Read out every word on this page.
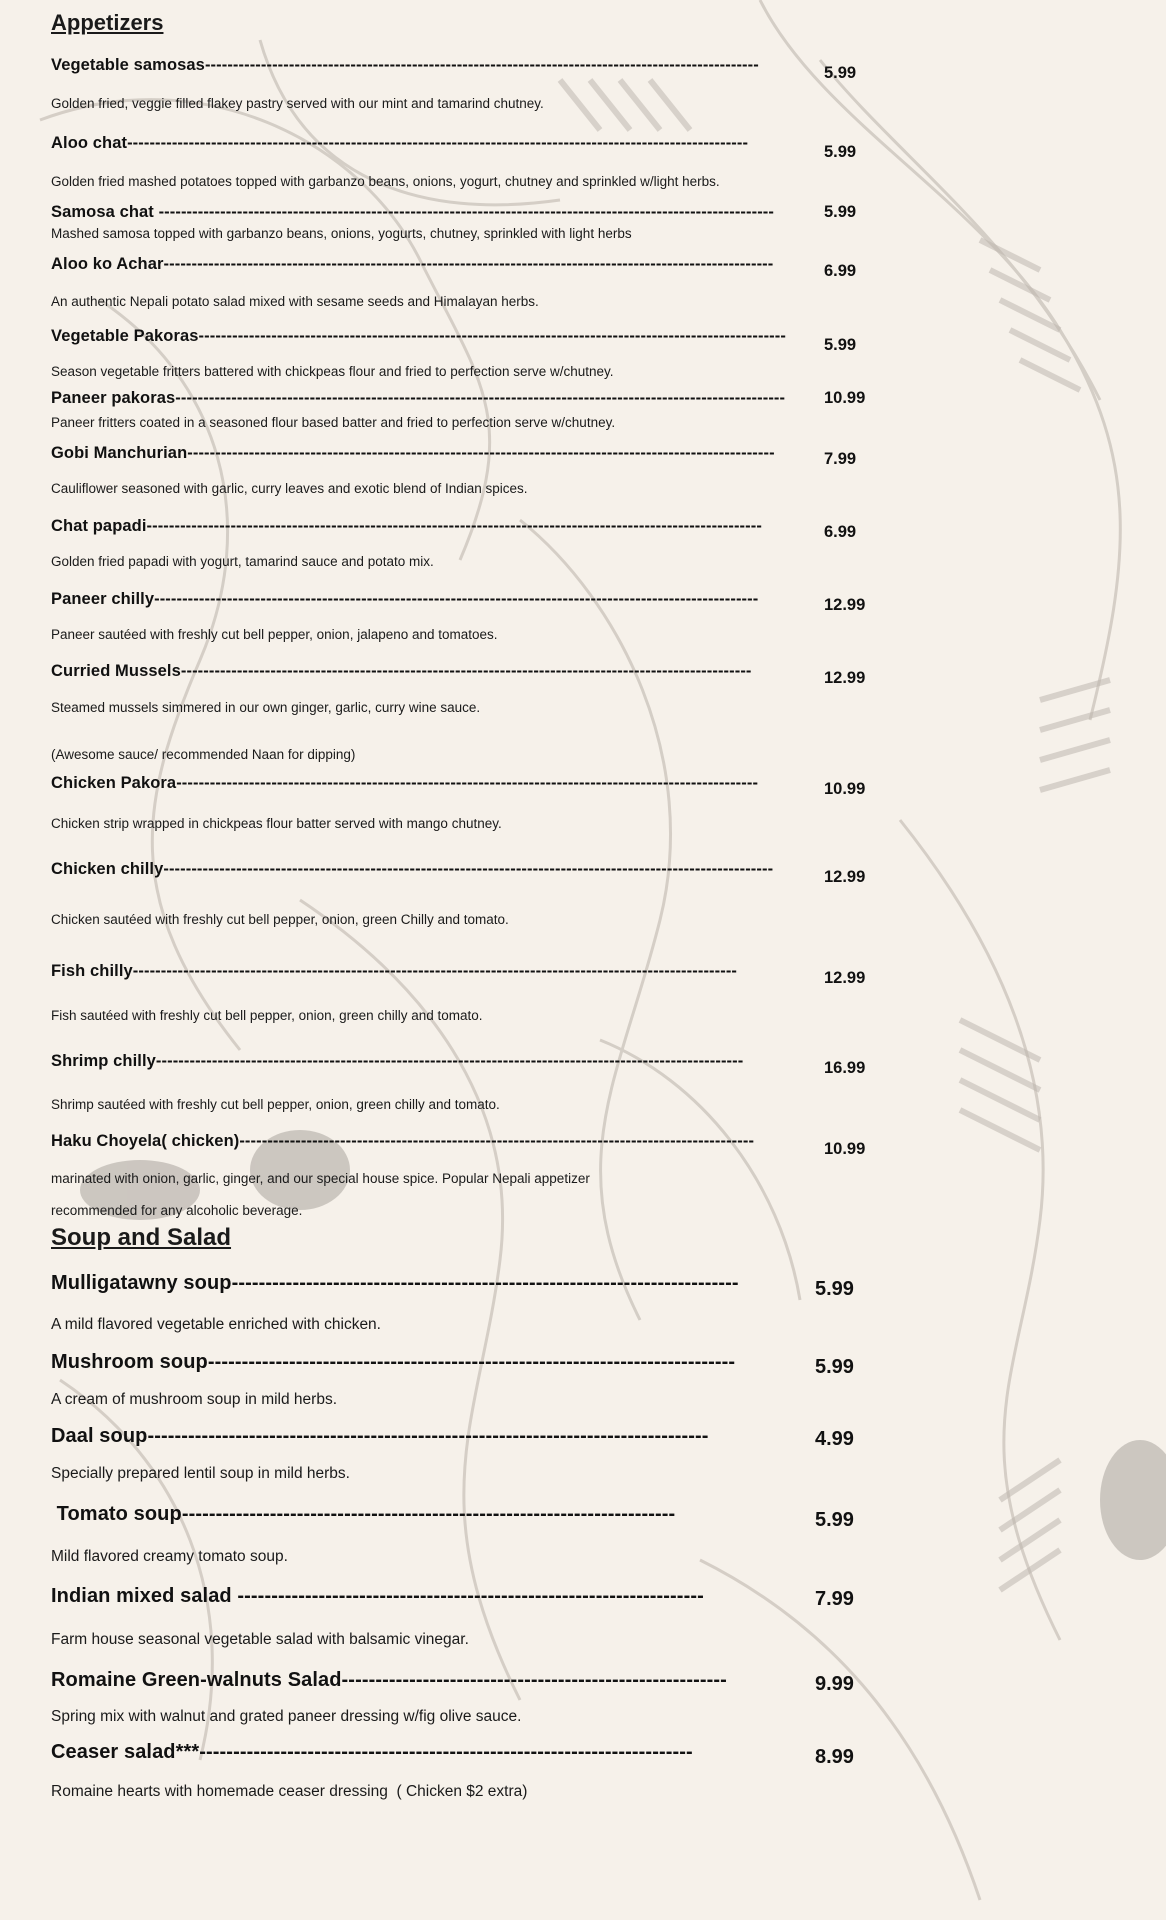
Appetizers
Vegetable samosas---------------------------------------------------------------------------------------------------	5.99
Golden fried, veggie filled flakey pastry served with our mint and tamarind chutney.
Aloo chat---------------------------------------------------------------------------------------------------------------	5.99
Golden fried mashed potatoes topped with garbanzo beans, onions, yogurt, chutney and sprinkled w/light herbs.
Samosa chat --------------------------------------------------------------------------------------------------------------	5.99
Mashed samosa topped with garbanzo beans, onions, yogurts, chutney, sprinkled with light herbs
Aloo ko Achar-------------------------------------------------------------------------------------------------------------	6.99
An authentic Nepali potato salad mixed with sesame seeds and Himalayan herbs.
Vegetable Pakoras--------------------------------------------------------------------------------------------------------- 5.99
Season vegetable fritters battered with chickpeas flour and fried to perfection serve w/chutney.
Paneer pakoras------------------------------------------------------------------------------------------------------------- 10.99
Paneer fritters coated in a seasoned flour based batter and fried to perfection serve w/chutney.
Gobi Manchurian---------------------------------------------------------------------------------------------------------	7.99
Cauliflower seasoned with garlic, curry leaves and exotic blend of Indian spices.
Chat papadi--------------------------------------------------------------------------------------------------------------	6.99
Golden fried papadi with yogurt, tamarind sauce and potato mix.
Paneer chilly------------------------------------------------------------------------------------------------------------	12.99
Paneer sautéed with freshly cut bell pepper, onion, jalapeno and tomatoes.
Curried Mussels------------------------------------------------------------------------------------------------------	12.99
Steamed mussels simmered in our own ginger, garlic, curry wine sauce.
(Awesome sauce/ recommended Naan for dipping)
Chicken Pakora--------------------------------------------------------------------------------------------------------	10.99
Chicken strip wrapped in chickpeas flour batter served with mango chutney.
Chicken chilly-------------------------------------------------------------------------------------------------------------	12.99
Chicken sautéed with freshly cut bell pepper, onion, green Chilly and tomato.
Fish chilly------------------------------------------------------------------------------------------------------------	12.99
Fish sautéed with freshly cut bell pepper, onion, green chilly and tomato.
Shrimp chilly---------------------------------------------------------------------------------------------------------	16.99
Shrimp sautéed with freshly cut bell pepper, onion, green chilly and tomato.
Haku Choyela( chicken)--------------------------------------------------------------------------------------------	10.99
marinated with onion, garlic, ginger, and our special house spice. Popular Nepali appetizer
recommended for any alcoholic beverage.
Soup and Salad
Mulligatawny soup---------------------------------------------------------------------------	5.99
A mild flavored vegetable enriched with chicken.
Mushroom soup------------------------------------------------------------------------------	5.99
A cream of mushroom soup in mild herbs.
Daal soup-----------------------------------------------------------------------------------	4.99
Specially prepared lentil soup in mild herbs.
Tomato soup-------------------------------------------------------------------------	5.99
Mild flavored creamy tomato soup.
Indian mixed salad ---------------------------------------------------------------------	7.99
Farm house seasonal vegetable salad with balsamic vinegar.
Romaine Green-walnuts Salad---------------------------------------------------------	9.99
Spring mix with walnut and grated paneer dressing w/fig olive sauce.
Ceaser salad***-------------------------------------------------------------------------	8.99
Romaine hearts with homemade ceaser dressing  ( Chicken $2 extra)
